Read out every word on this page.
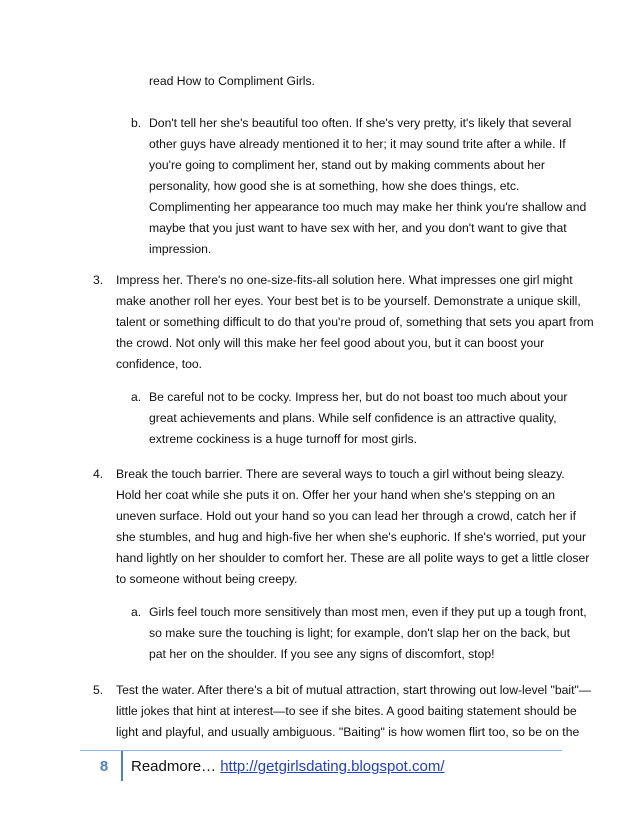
read How to Compliment Girls.
b. Don't tell her she's beautiful too often. If she's very pretty, it's likely that several
other guys have already mentioned it to her; it may sound trite after a while. If
you're going to compliment her, stand out by making comments about her
personality, how good she is at something, how she does things, etc.
Complimenting her appearance too much may make her think you're shallow and
maybe that you just want to have sex with her, and you don't want to give that
impression.
3. Impress her. There's no one-size-fits-all solution here. What impresses one girl might
make another roll her eyes. Your best bet is to be yourself. Demonstrate a unique skill,
talent or something difficult to do that you're proud of, something that sets you apart from
the crowd. Not only will this make her feel good about you, but it can boost your
confidence, too.
a. Be careful not to be cocky. Impress her, but do not boast too much about your
great achievements and plans. While self confidence is an attractive quality,
extreme cockiness is a huge turnoff for most girls.
4. Break the touch barrier. There are several ways to touch a girl without being sleazy.
Hold her coat while she puts it on. Offer her your hand when she's stepping on an
uneven surface. Hold out your hand so you can lead her through a crowd, catch her if
she stumbles, and hug and high-five her when she's euphoric. If she's worried, put your
hand lightly on her shoulder to comfort her. These are all polite ways to get a little closer
to someone without being creepy.
a. Girls feel touch more sensitively than most men, even if they put up a tough front,
so make sure the touching is light; for example, don't slap her on the back, but
pat her on the shoulder. If you see any signs of discomfort, stop!
5. Test the water. After there's a bit of mutual attraction, start throwing out low-level "bait"—
little jokes that hint at interest—to see if she bites. A good baiting statement should be
light and playful, and usually ambiguous. "Baiting" is how women flirt too, so be on the
8	Readmore… http://getgirlsdating.blogspot.com/
